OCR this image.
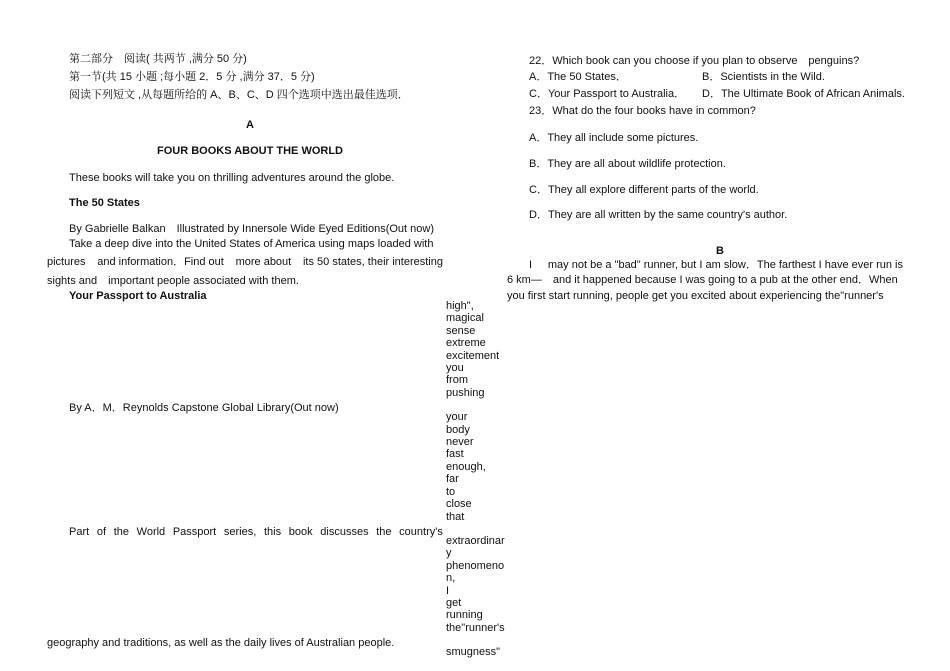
第二部分　阅读( 共两节 ,满分 50 分)
第一节(共 15 小题 ;每小题 2．5 分 ,满分 37．5 分)
阅读下列短文 ,从每题所给的 A、B、C、D 四个选项中选出最佳选项．
A
FOUR BOOKS ABOUT THE WORLD
These books will take you on thrilling adventures around the globe.
The 50 States
By Gabrielle Balkan　Illustrated by Innersole Wide Eyed Editions(Out now)
Take a deep dive into the United States of America using maps loaded with
pictures and information．Find out more about its 50 states, their interesting
sights and　important people associated with them.
Your Passport to Australia
By A．M．Reynolds Capstone Global Library(Out now)
Part of the World Passport series, this book discusses the country's
geography and traditions, as well as the daily lives of Australian people.
high",
magical
sense
extreme
excitement
you
from
pushing
your
body
never
fast
enough,
far
to
close
that
extraordinar
y
phenomeno
n,
I
get
running
the"runner's
smugness"
22．Which book can you choose if you plan to observe　penguins?
A．The 50 States．	B．Scientists in the Wild.
C．Your Passport to Australia． D．The Ultimate Book of African Animals.
23．What do the four books have in common?
A．They all include some pictures.
B．They are all about wildlife protection.
C．They all explore different parts of the world.
D．They are all written by the same country's author.
B
I may not be a "bad" runner, but I am slow．The farthest I have ever run is
6 km—　and it happened because I was going to a pub at the other end．When
you first start running, people get you excited about experiencing the"runner's
